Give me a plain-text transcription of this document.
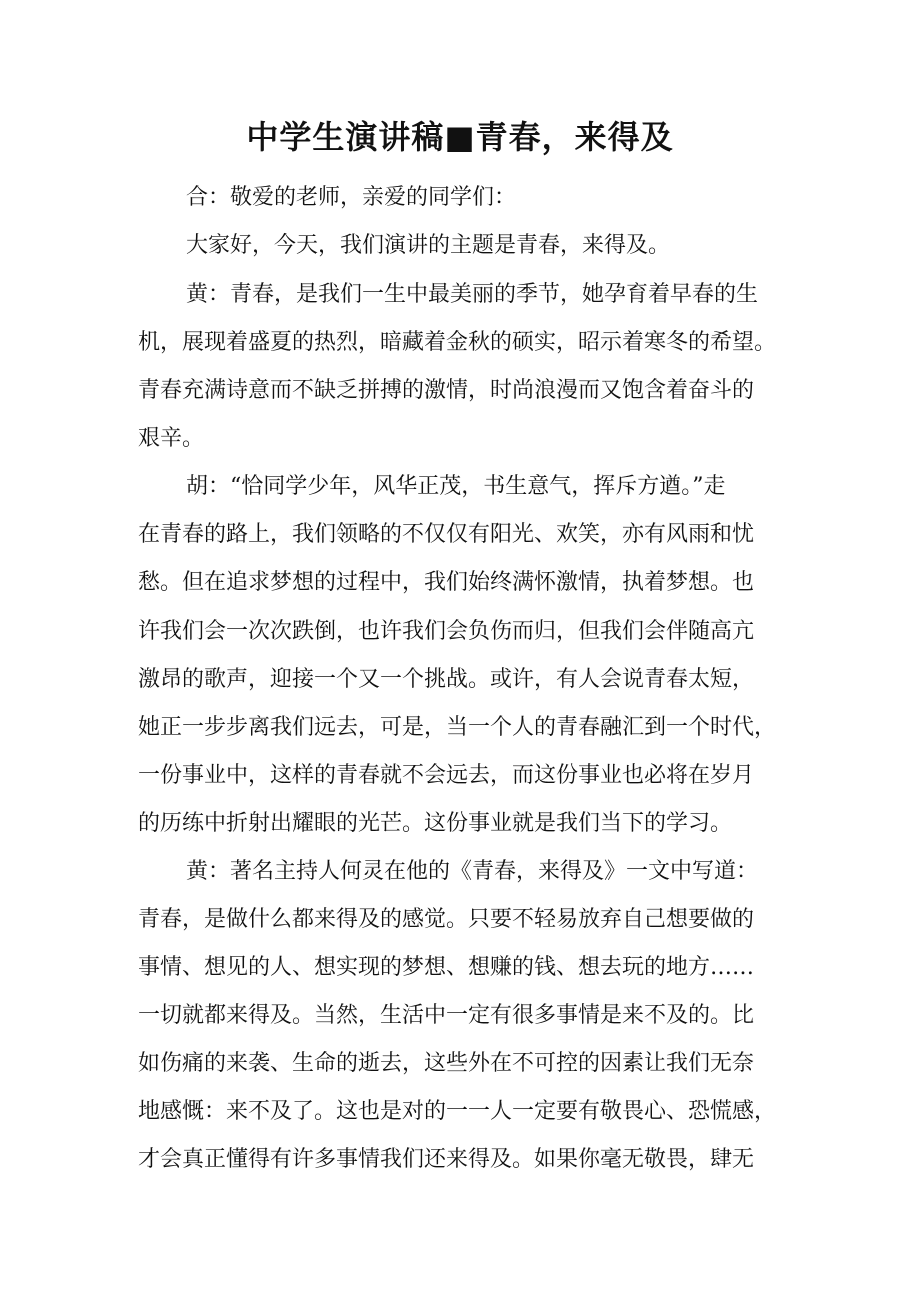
中学生演讲稿■青春，来得及

合：敬爱的老师，亲爱的同学们：

大家好，今天，我们演讲的主题是青春，来得及。

黄：青春，是我们一生中最美丽的季节，她孕育着早春的生

机，展现着盛夏的热烈，暗藏着金秋的硕实，昭示着寒冬的希望。

青春充满诗意而不缺乏拼搏的激情，时尚浪漫而又饱含着奋斗的

艰辛。

胡：“恰同学少年，风华正茂，书生意气，挥斥方遒。”走

在青春的路上，我们领略的不仅仅有阳光、欢笑，亦有风雨和忧

愁。但在追求梦想的过程中，我们始终满怀激情，执着梦想。也

许我们会一次次跌倒，也许我们会负伤而归，但我们会伴随高亢

激昂的歌声，迎接一个又一个挑战。或许，有人会说青春太短，

她正一步步离我们远去，可是，当一个人的青春融汇到一个时代，

一份事业中，这样的青春就不会远去，而这份事业也必将在岁月

的历练中折射出耀眼的光芒。这份事业就是我们当下的学习。

黄：著名主持人何灵在他的《青春，来得及》一文中写道：

青春，是做什么都来得及的感觉。只要不轻易放弃自己想要做的

事情、想见的人、想实现的梦想、想赚的钱、想去玩的地方……

一切就都来得及。当然，生活中一定有很多事情是来不及的。比

如伤痛的来袭、生命的逝去，这些外在不可控的因素让我们无奈

地感慨：来不及了。这也是对的一一人一定要有敬畏心、恐慌感，

才会真正懂得有许多事情我们还来得及。如果你毫无敬畏，肆无
